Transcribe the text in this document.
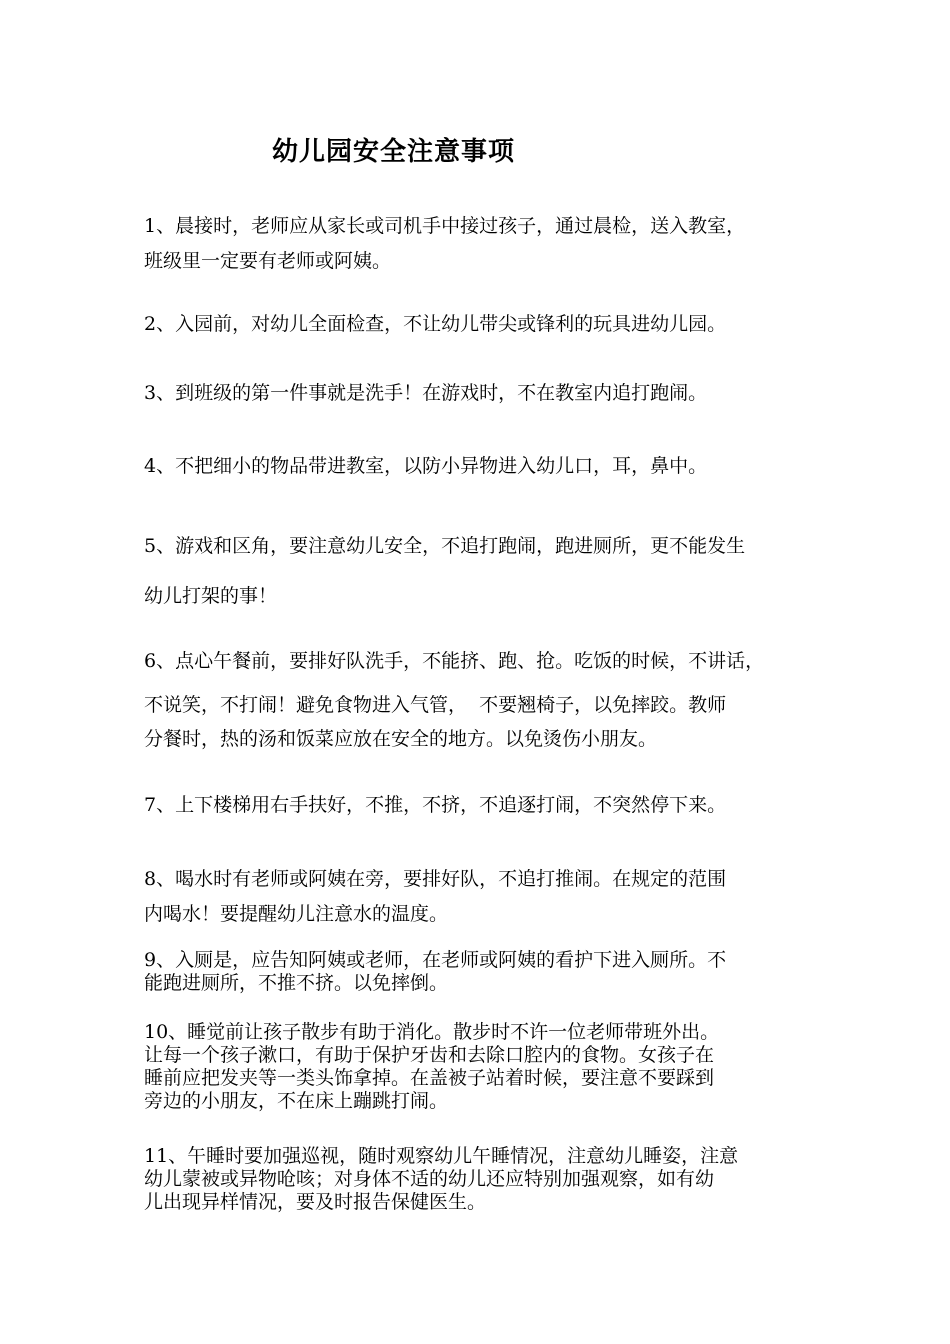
幼儿园安全注意事项
1、晨接时，老师应从家长或司机手中接过孩子，通过晨检，送入教室，
班级里一定要有老师或阿姨。
2、入园前，对幼儿全面检查，不让幼儿带尖或锋利的玩具进幼儿园。
3、到班级的第一件事就是洗手！在游戏时，不在教室内追打跑闹。
4、不把细小的物品带进教室，以防小异物进入幼儿口，耳，鼻中。
5、游戏和区角，要注意幼儿安全，不追打跑闹，跑进厕所，更不能发生
幼儿打架的事！
6、点心午餐前，要排好队洗手，不能挤、跑、抢。吃饭的时候，不讲话，
不说笑，不打闹！避免食物进入气管，  不要翘椅子，以免摔跤。教师
分餐时，热的汤和饭菜应放在安全的地方。以免烫伤小朋友。
7、上下楼梯用右手扶好，不推，不挤，不追逐打闹，不突然停下来。
8、喝水时有老师或阿姨在旁，要排好队，不追打推闹。在规定的范围
内喝水！要提醒幼儿注意水的温度。
9、入厕是，应告知阿姨或老师，在老师或阿姨的看护下进入厕所。不
能跑进厕所，不推不挤。以免摔倒。
10、睡觉前让孩子散步有助于消化。散步时不许一位老师带班外出。
让每一个孩子漱口，有助于保护牙齿和去除口腔内的食物。女孩子在
睡前应把发夹等一类头饰拿掉。在盖被子站着时候，要注意不要踩到
旁边的小朋友，不在床上蹦跳打闹。
11、午睡时要加强巡视，随时观察幼儿午睡情况，注意幼儿睡姿，注意
幼儿蒙被或异物呛咳；对身体不适的幼儿还应特别加强观察，如有幼
儿出现异样情况，要及时报告保健医生。
